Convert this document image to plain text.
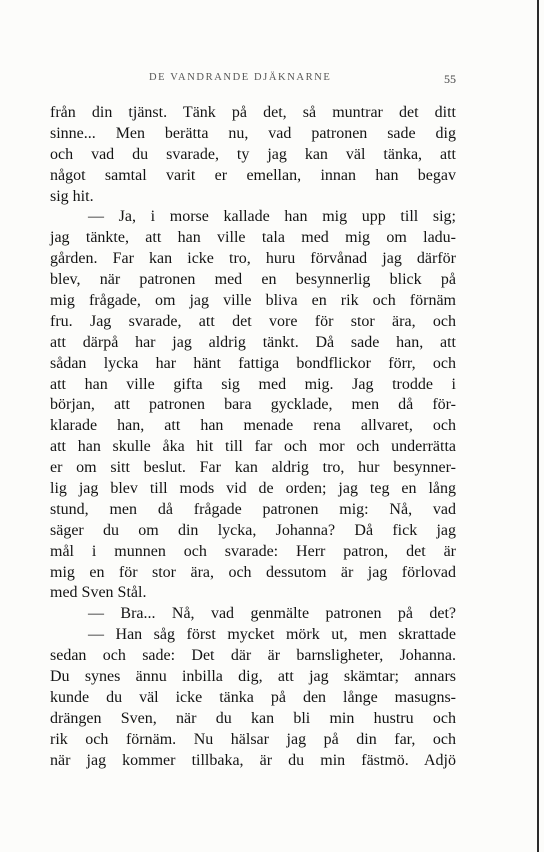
DE VANDRANDE DJÄKNARNE	55
från din tjänst. Tänk på det, så muntrar det ditt
sinne... Men berätta nu, vad patronen sade dig
och vad du svarade, ty jag kan väl tänka, att
något samtal varit er emellan, innan han begav
sig hit.
— Ja, i morse kallade han mig upp till sig;
jag tänkte, att han ville tala med mig om ladu-
gården. Far kan icke tro, huru förvånad jag därför
blev, när patronen med en besynnerlig blick på
mig frågade, om jag ville bliva en rik och förnäm
fru. Jag svarade, att det vore för stor ära, och
att därpå har jag aldrig tänkt. Då sade han, att
sådan lycka har hänt fattiga bondflickor förr, och
att han ville gifta sig med mig. Jag trodde i
början, att patronen bara gycklade, men då för-
klarade han, att han menade rena allvaret, och
att han skulle åka hit till far och mor och underrätta
er om sitt beslut. Far kan aldrig tro, hur besynner-
lig jag blev till mods vid de orden; jag teg en lång
stund, men då frågade patronen mig: Nå, vad
säger du om din lycka, Johanna? Då fick jag
mål i munnen och svarade: Herr patron, det är
mig en för stor ära, och dessutom är jag förlovad
med Sven Stål.
— Bra... Nå, vad genmälte patronen på det?
— Han såg först mycket mörk ut, men skrattade
sedan och sade: Det där är barnsligheter, Johanna.
Du synes ännu inbilla dig, att jag skämtar; annars
kunde du väl icke tänka på den långe masugns-
drängen Sven, när du kan bli min hustru och
rik och förnäm. Nu hälsar jag på din far, och
när jag kommer tillbaka, är du min fästmö. Adjö
